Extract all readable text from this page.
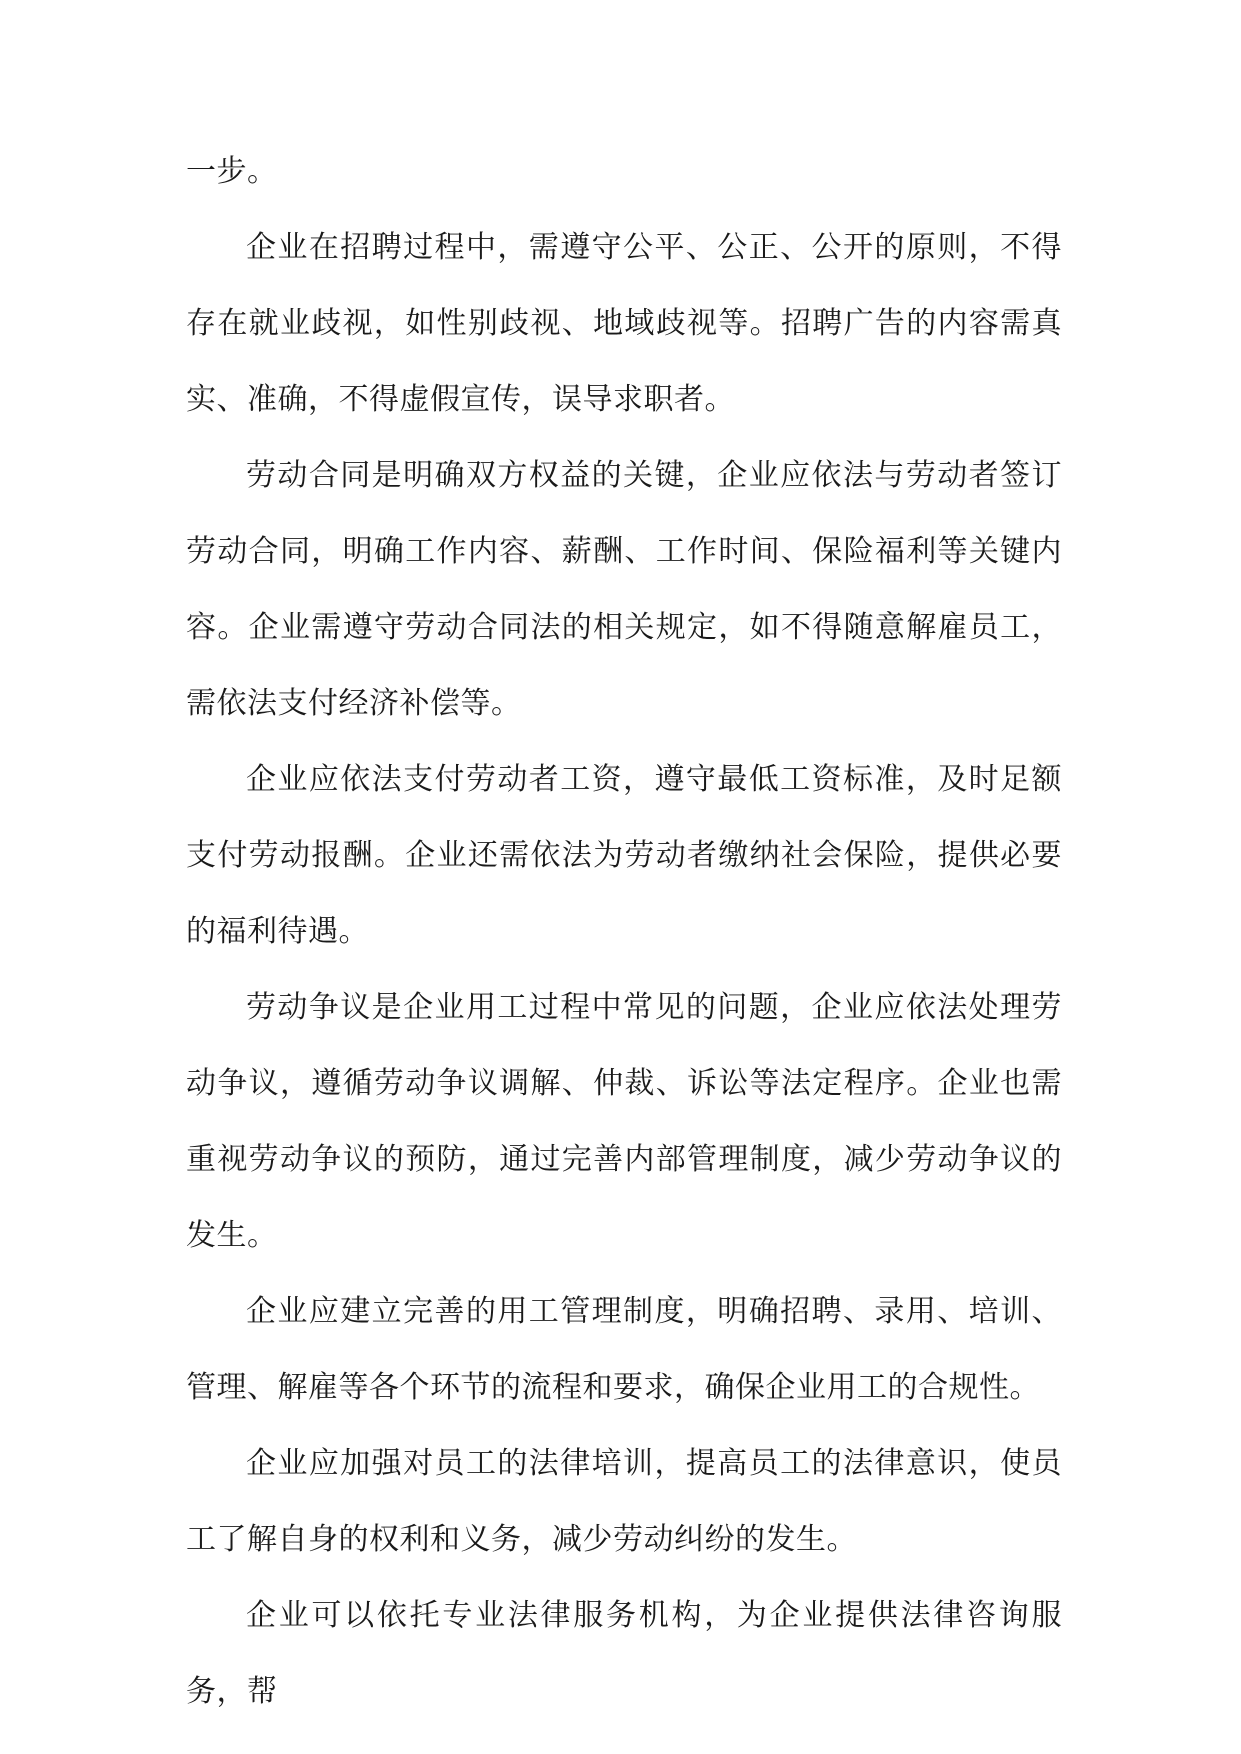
一步。

企业在招聘过程中，需遵守公平、公正、公开的原则，不得存在就业歧视，如性别歧视、地域歧视等。招聘广告的内容需真实、准确，不得虚假宣传，误导求职者。

劳动合同是明确双方权益的关键，企业应依法与劳动者签订劳动合同，明确工作内容、薪酬、工作时间、保险福利等关键内容。企业需遵守劳动合同法的相关规定，如不得随意解雇员工，需依法支付经济补偿等。

企业应依法支付劳动者工资，遵守最低工资标准，及时足额支付劳动报酬。企业还需依法为劳动者缴纳社会保险，提供必要的福利待遇。

劳动争议是企业用工过程中常见的问题，企业应依法处理劳动争议，遵循劳动争议调解、仲裁、诉讼等法定程序。企业也需重视劳动争议的预防，通过完善内部管理制度，减少劳动争议的发生。

企业应建立完善的用工管理制度，明确招聘、录用、培训、管理、解雇等各个环节的流程和要求，确保企业用工的合规性。

企业应加强对员工的法律培训，提高员工的法律意识，使员工了解自身的权利和义务，减少劳动纠纷的发生。

企业可以依托专业法律服务机构，为企业提供法律咨询服务，帮
